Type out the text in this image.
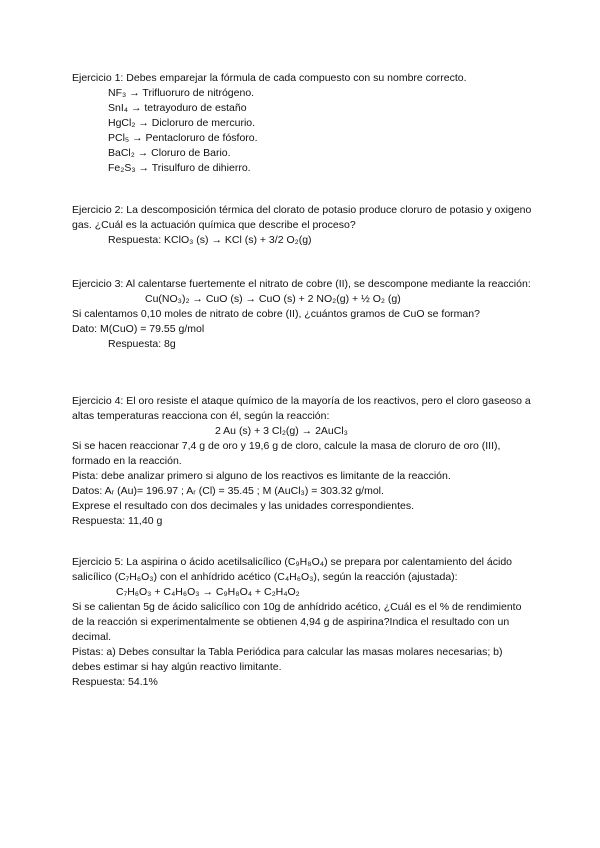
Ejercicio 1: Debes emparejar la fórmula de cada compuesto con su nombre correcto.
NF₃ → Trifluoruro de nitrógeno.
SnI₄ → tetrayoduro de estaño
HgCl₂ → Dicloruro de mercurio.
PCl₅ → Pentacloruro de fósforo.
BaCl₂ → Cloruro de Bario.
Fe₂S₃ → Trisulfuro de dihierro.
Ejercicio 2: La descomposición térmica del clorato de potasio produce cloruro de potasio y oxigeno gas. ¿Cuál es la actuación química que describe el proceso?
Respuesta: KClO₃ (s) → KCl (s) + 3/2 O₂(g)
Ejercicio 3: Al calentarse fuertemente el nitrato de cobre (II), se descompone mediante la reacción:
Cu(NO₃)₂ → CuO (s) → CuO (s) + 2 NO₂(g) + ½ O₂ (g)
Si calentamos 0,10 moles de nitrato de cobre (II), ¿cuántos gramos de CuO se forman?
Dato: M(CuO) = 79.55 g/mol
Respuesta: 8g
Ejercicio 4: El oro resiste el ataque químico de la mayoría de los reactivos, pero el cloro gaseoso a altas temperaturas reacciona con él, según la reacción:
2 Au (s) + 3 Cl₂(g) → 2AuCl₃
Si se hacen reaccionar 7,4 g de oro y 19,6 g de cloro, calcule la masa de cloruro de oro (III), formado en la reacción.
Pista: debe analizar primero si alguno de los reactivos es limitante de la reacción.
Datos: Aᵣ (Au)= 196.97 ; Aᵣ (Cl) = 35.45 ; M (AuCl₃) = 303.32 g/mol.
Exprese el resultado con dos decimales y las unidades correspondientes.
Respuesta: 11,40 g
Ejercicio 5: La aspirina o ácido acetilsalicílico (C₉H₈O₄) se prepara por calentamiento del ácido salicílico (C₇H₆O₃) con el anhídrido acético (C₄H₆O₃), según la reacción (ajustada):
C₇H₆O₃ + C₄H₆O₃ → C₉H₈O₄ + C₂H₄O₂
Si se calientan 5g de ácido salicílico con 10g de anhídrido acético, ¿Cuál es el % de rendimiento de la reacción si experimentalmente se obtienen 4,94 g de aspirina?Indica el resultado con un decimal.
Pistas: a) Debes consultar la Tabla Periódica para calcular las masas molares necesarias; b) debes estimar si hay algún reactivo limitante.
Respuesta: 54.1%
